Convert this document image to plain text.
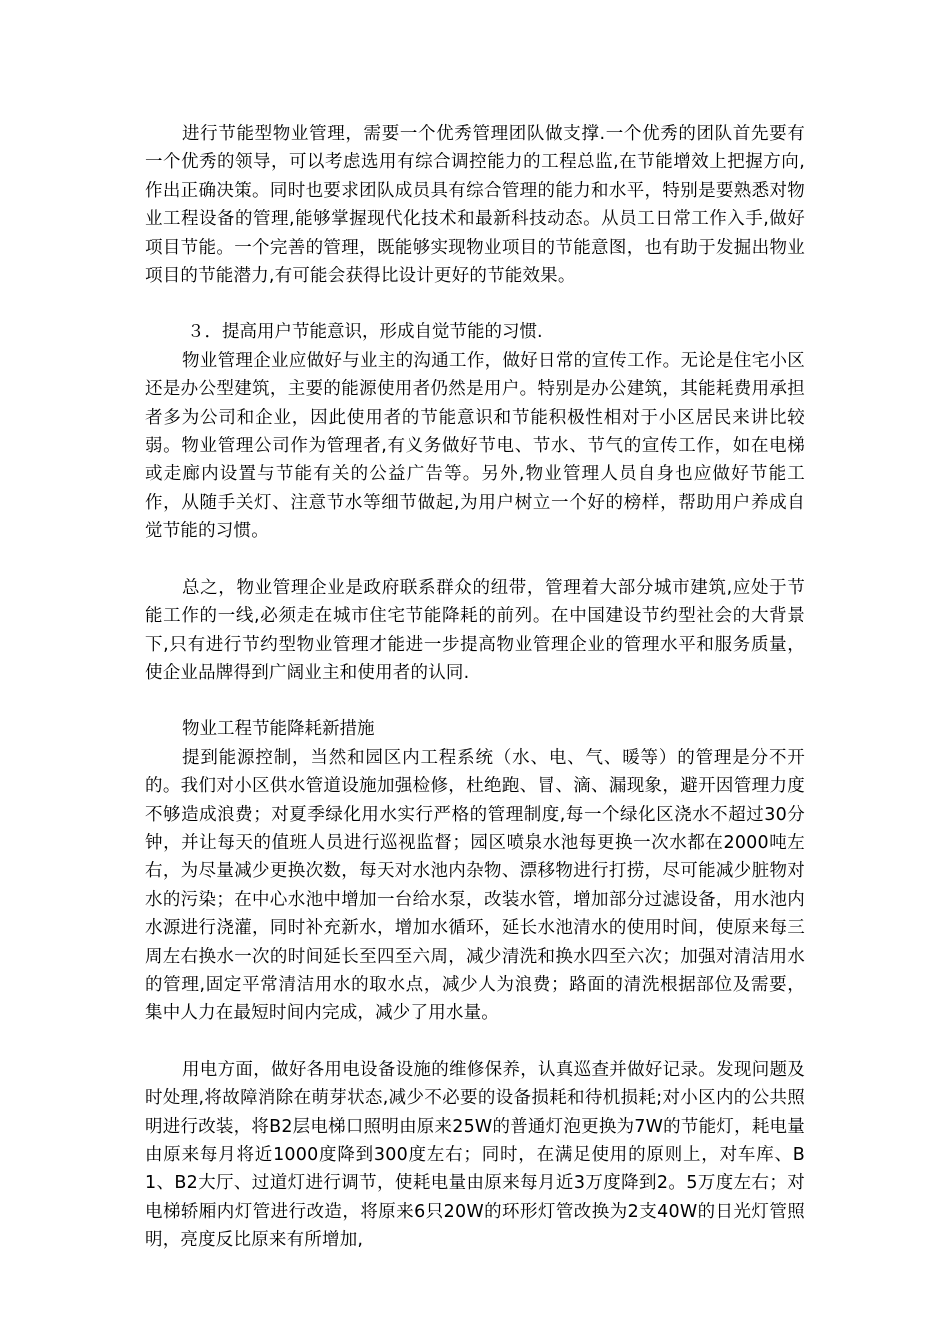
进行节能型物业管理，需要一个优秀管理团队做支撑.一个优秀的团队首先要有一个优秀的领导，可以考虑选用有综合调控能力的工程总监,在节能增效上把握方向,作出正确决策。同时也要求团队成员具有综合管理的能力和水平，特别是要熟悉对物业工程设备的管理,能够掌握现代化技术和最新科技动态。从员工日常工作入手,做好项目节能。一个完善的管理，既能够实现物业项目的节能意图，也有助于发掘出物业项目的节能潜力,有可能会获得比设计更好的节能效果。

３．提高用户节能意识，形成自觉节能的习惯.

物业管理企业应做好与业主的沟通工作，做好日常的宣传工作。无论是住宅小区还是办公型建筑，主要的能源使用者仍然是用户。特别是办公建筑，其能耗费用承担者多为公司和企业，因此使用者的节能意识和节能积极性相对于小区居民来讲比较弱。物业管理公司作为管理者,有义务做好节电、节水、节气的宣传工作，如在电梯或走廊内设置与节能有关的公益广告等。另外,物业管理人员自身也应做好节能工作，从随手关灯、注意节水等细节做起,为用户树立一个好的榜样，帮助用户养成自觉节能的习惯。

总之，物业管理企业是政府联系群众的纽带，管理着大部分城市建筑,应处于节能工作的一线,必须走在城市住宅节能降耗的前列。在中国建设节约型社会的大背景下,只有进行节约型物业管理才能进一步提高物业管理企业的管理水平和服务质量，使企业品牌得到广阔业主和使用者的认同.

物业工程节能降耗新措施

提到能源控制，当然和园区内工程系统（水、电、气、暖等）的管理是分不开的。我们对小区供水管道设施加强检修，杜绝跑、冒、滴、漏现象，避开因管理力度不够造成浪费；对夏季绿化用水实行严格的管理制度,每一个绿化区浇水不超过30分钟，并让每天的值班人员进行巡视监督；园区喷泉水池每更换一次水都在2000吨左右，为尽量减少更换次数，每天对水池内杂物、漂移物进行打捞，尽可能减少脏物对水的污染；在中心水池中增加一台给水泵，改装水管，增加部分过滤设备，用水池内水源进行浇灌，同时补充新水，增加水循环，延长水池清水的使用时间，使原来每三周左右换水一次的时间延长至四至六周，减少清洗和换水四至六次；加强对清洁用水的管理,固定平常清洁用水的取水点，减少人为浪费；路面的清洗根据部位及需要，集中人力在最短时间内完成，减少了用水量。

用电方面，做好各用电设备设施的维修保养，认真巡查并做好记录。发现问题及时处理,将故障消除在萌芽状态,减少不必要的设备损耗和待机损耗;对小区内的公共照明进行改装，将B2层电梯口照明由原来25W的普通灯泡更换为7W的节能灯，耗电量由原来每月将近1000度降到300度左右；同时，在满足使用的原则上，对车库、B1、B2大厅、过道灯进行调节，使耗电量由原来每月近3万度降到2。5万度左右；对电梯轿厢内灯管进行改造，将原来6只20W的环形灯管改换为2支40W的日光灯管照明，亮度反比原来有所增加,
